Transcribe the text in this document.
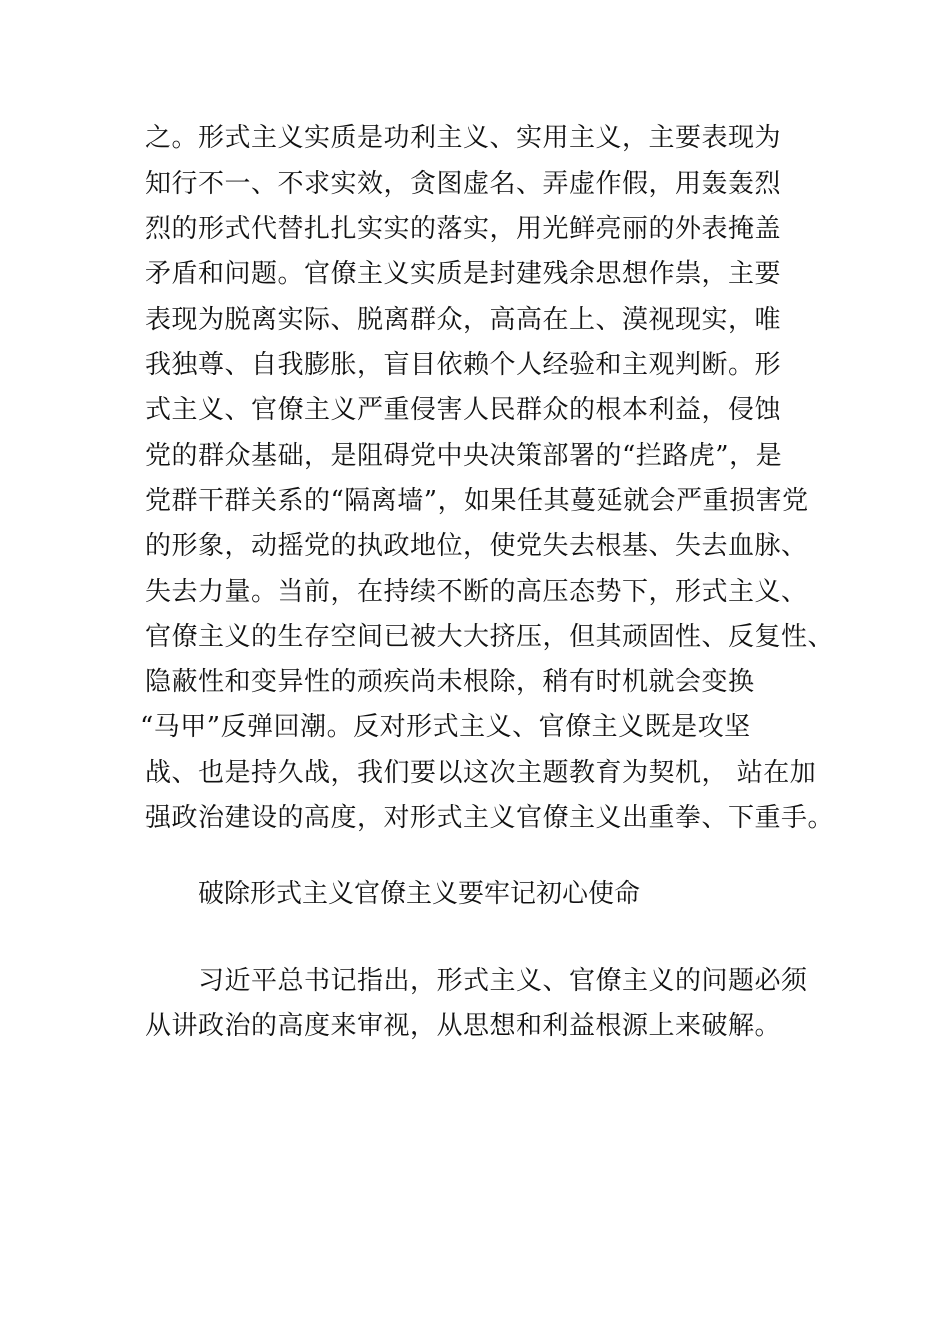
之。形式主义实质是功利主义、实用主义，主要表现为
知行不一、不求实效，贪图虚名、弄虚作假，用轰轰烈
烈的形式代替扎扎实实的落实，用光鲜亮丽的外表掩盖
矛盾和问题。官僚主义实质是封建残余思想作祟，主要
表现为脱离实际、脱离群众，高高在上、漠视现实，唯
我独尊、自我膨胀，盲目依赖个人经验和主观判断。形
式主义、官僚主义严重侵害人民群众的根本利益，侵蚀
党的群众基础，是阻碍党中央决策部署的“拦路虎”，是
党群干群关系的“隔离墙”，如果任其蔓延就会严重损害党
的形象，动摇党的执政地位，使党失去根基、失去血脉、
失去力量。当前，在持续不断的高压态势下，形式主义、
官僚主义的生存空间已被大大挤压，但其顽固性、反复性、
隐蔽性和变异性的顽疾尚未根除，稍有时机就会变换
“马甲”反弹回潮。反对形式主义、官僚主义既是攻坚
战、也是持久战，我们要以这次主题教育为契机， 站在加
强政治建设的高度，对形式主义官僚主义出重拳、下重手。
破除形式主义官僚主义要牢记初心使命
习近平总书记指出，形式主义、官僚主义的问题必须
从讲政治的高度来审视，从思想和利益根源上来破解。
